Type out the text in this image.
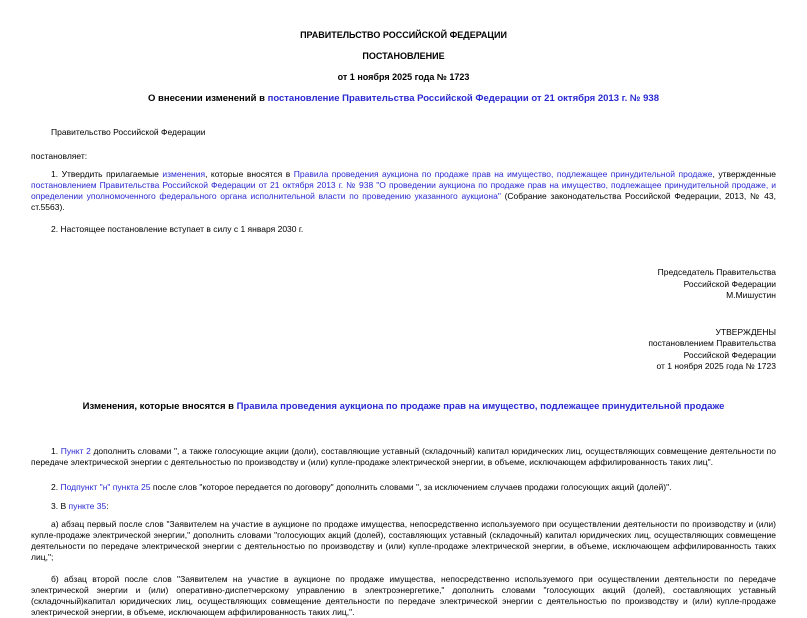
ПРАВИТЕЛЬСТВО РОССИЙСКОЙ ФЕДЕРАЦИИ
ПОСТАНОВЛЕНИЕ
от 1 ноября 2025 года № 1723

О внесении изменений в постановление Правительства Российской Федерации от 21 октября 2013 г. № 938

Правительство Российской Федерации

постановляет:

1. Утвердить прилагаемые изменения, которые вносятся в Правила проведения аукциона по продаже прав на имущество, подлежащее принудительной продаже, утвержденные постановлением Правительства Российской Федерации от 21 октября 2013 г. № 938 "О проведении аукциона по продаже прав на имущество, подлежащее принудительной продаже, и определении уполномоченного федерального органа исполнительной власти по проведению указанного аукциона" (Собрание законодательства Российской Федерации, 2013, № 43, ст.5563).

2. Настоящее постановление вступает в силу с 1 января 2030 г.

Председатель Правительства
Российской Федерации
М.Мишустин
УТВЕРЖДЕНЫ
постановлением Правительства
Российской Федерации
от 1 ноября 2025 года № 1723

Изменения, которые вносятся в Правила проведения аукциона по продаже прав на имущество, подлежащее принудительной продаже

1. Пункт 2 дополнить словами ", а также голосующие акции (доли), составляющие уставный (складочный) капитал юридических лиц, осуществляющих совмещение деятельности по передаче электрической энергии с деятельностью по производству и (или) купле-продаже электрической энергии, в объеме, исключающем аффилированность таких лиц".

2. Подпункт "н" пункта 25 после слов "которое передается по договору" дополнить словами ", за исключением случаев продажи голосующих акций (долей)".

3. В пункте 35:

а) абзац первый после слов "Заявителем на участие в аукционе по продаже имущества, непосредственно используемого при осуществлении деятельности по производству и (или) купле-продаже электрической энергии," дополнить словами "голосующих акций (долей), составляющих уставный (складочный) капитал юридических лиц, осуществляющих совмещение деятельности по передаче электрической энергии с деятельностью по производству и (или) купле-продаже электрической энергии, в объеме, исключающем аффилированность таких лиц,";

б) абзац второй после слов "Заявителем на участие в аукционе по продаже имущества, непосредственно используемого при осуществлении деятельности по передаче электрической энергии и (или) оперативно-диспетчерскому управлению в электроэнергетике," дополнить словами "голосующих акций (долей), составляющих уставный (складочный)капитал юридических лиц, осуществляющих совмещение деятельности по передаче электрической энергии с деятельностью по производству и (или) купле-продаже электрической энергии, в объеме, исключающем аффилированность таких лиц,".
